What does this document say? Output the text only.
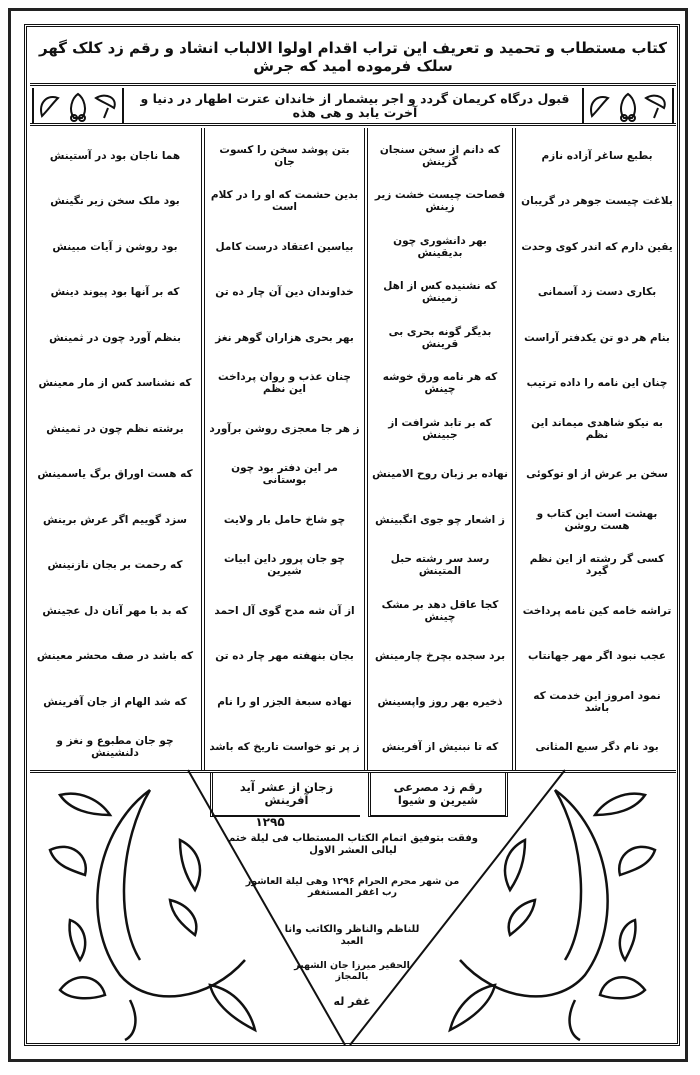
کتاب مستطاب و تحمید و تعریف این تراب اقدام اولوا الالباب انشاد و رقم زد کلک گهر سلک فرموده امید که جرش
قبول درگاه کریمان گردد و اجر بیشمار از خاندان عترت اطهار در دنیا و آخرت یابد و هی هذه
بطبع ساغر آزاده نازم
بلاغت چیست جوهر در گریبان
یقین دارم که اندر کوی وحدت
بکاری دست زد آسمانی
بنام هر دو تن یکدفتر آراست
چنان این نامه را داده ترتیب
به نیکو شاهدی میماند این نظم
سخن بر عرش از او توکوئی
بهشت است این کتاب و هست روشن
کسی گر رشته از این نظم گیرد
تراشه خامه کین نامه پرداخت
عجب نبود اگر مهر جهانتاب
نمود امروز این خدمت که باشد
بود نام دگر سبع المثانی
که دانم از سخن سنجان گزینش
فصاحت چیست خشت زیر زینش
بهر دانشوری چون بدیقینش
که نشنیده کس از اهل زمینش
بدیگر گونه بحری بی قرینش
که هر نامه ورق خوشه چینش
که بر تابد شرافت از جبینش
نهاده بر زبان روح الامینش
ز اشعار چو جوی انگبینش
رسد سر رشته حبل المتینش
کجا عاقل دهد بر مشک چینش
برد سجده بچرخ چارمینش
ذخیره بهر روز واپسینش
که تا نبنیش از آفرینش
بتن پوشد سخن را کسوت جان
بدین حشمت که او را در کلام است
بیاسین اعتقاد درست کامل
خداوندان دین آن چار ده تن
بهر بحری هزاران گوهر نغز
چنان عذب و روان پرداخت این نظم
ز هر جا معجزی روشن برآورد
مر این دفتر بود چون بوستانی
چو شاخ حامل بار ولایت
چو جان پرور داین ابیات شیرین
از آن شه مدح گوی آل احمد
بجان بنهفته مهر چار ده تن
نهاده سبعة الجزر او را نام
ز پر تو خواست تاریخ که باشد
هما ناجان بود در آستینش
بود ملک سخن زیر نگینش
بود روشن ز آیات مبینش
که بر آنها بود پیوند دینش
بنظم آورد چون در ثمینش
که نشناسد کس از مار معینش
برشته نظم چون در ثمینش
که هست اوراق برگ یاسمینش
سزد گوییم اگر عرش برینش
که رحمت بر بجان نازنینش
که بد با مهر آنان دل عجینش
که باشد در صف محشر معینش
که شد الهام از جان آفرینش
چو جان مطبوع و نغز و دلنشینش
رقم زد مصرعی شیرین و شیوا
زجان از عشر آید آفرینش
۱۲۹۵
وفقت بتوفیق اتمام الکتاب المستطاب فی لیلة ختم لیالی العشر الاول
من شهر محرم الحرام ۱۲۹۶ وهی لیلة العاشور رب اغفر المستغفر
للناظم والناظر والکاتب وانا العبد
الحقیر میرزا جان الشهیر بالمجاز
غفر له
